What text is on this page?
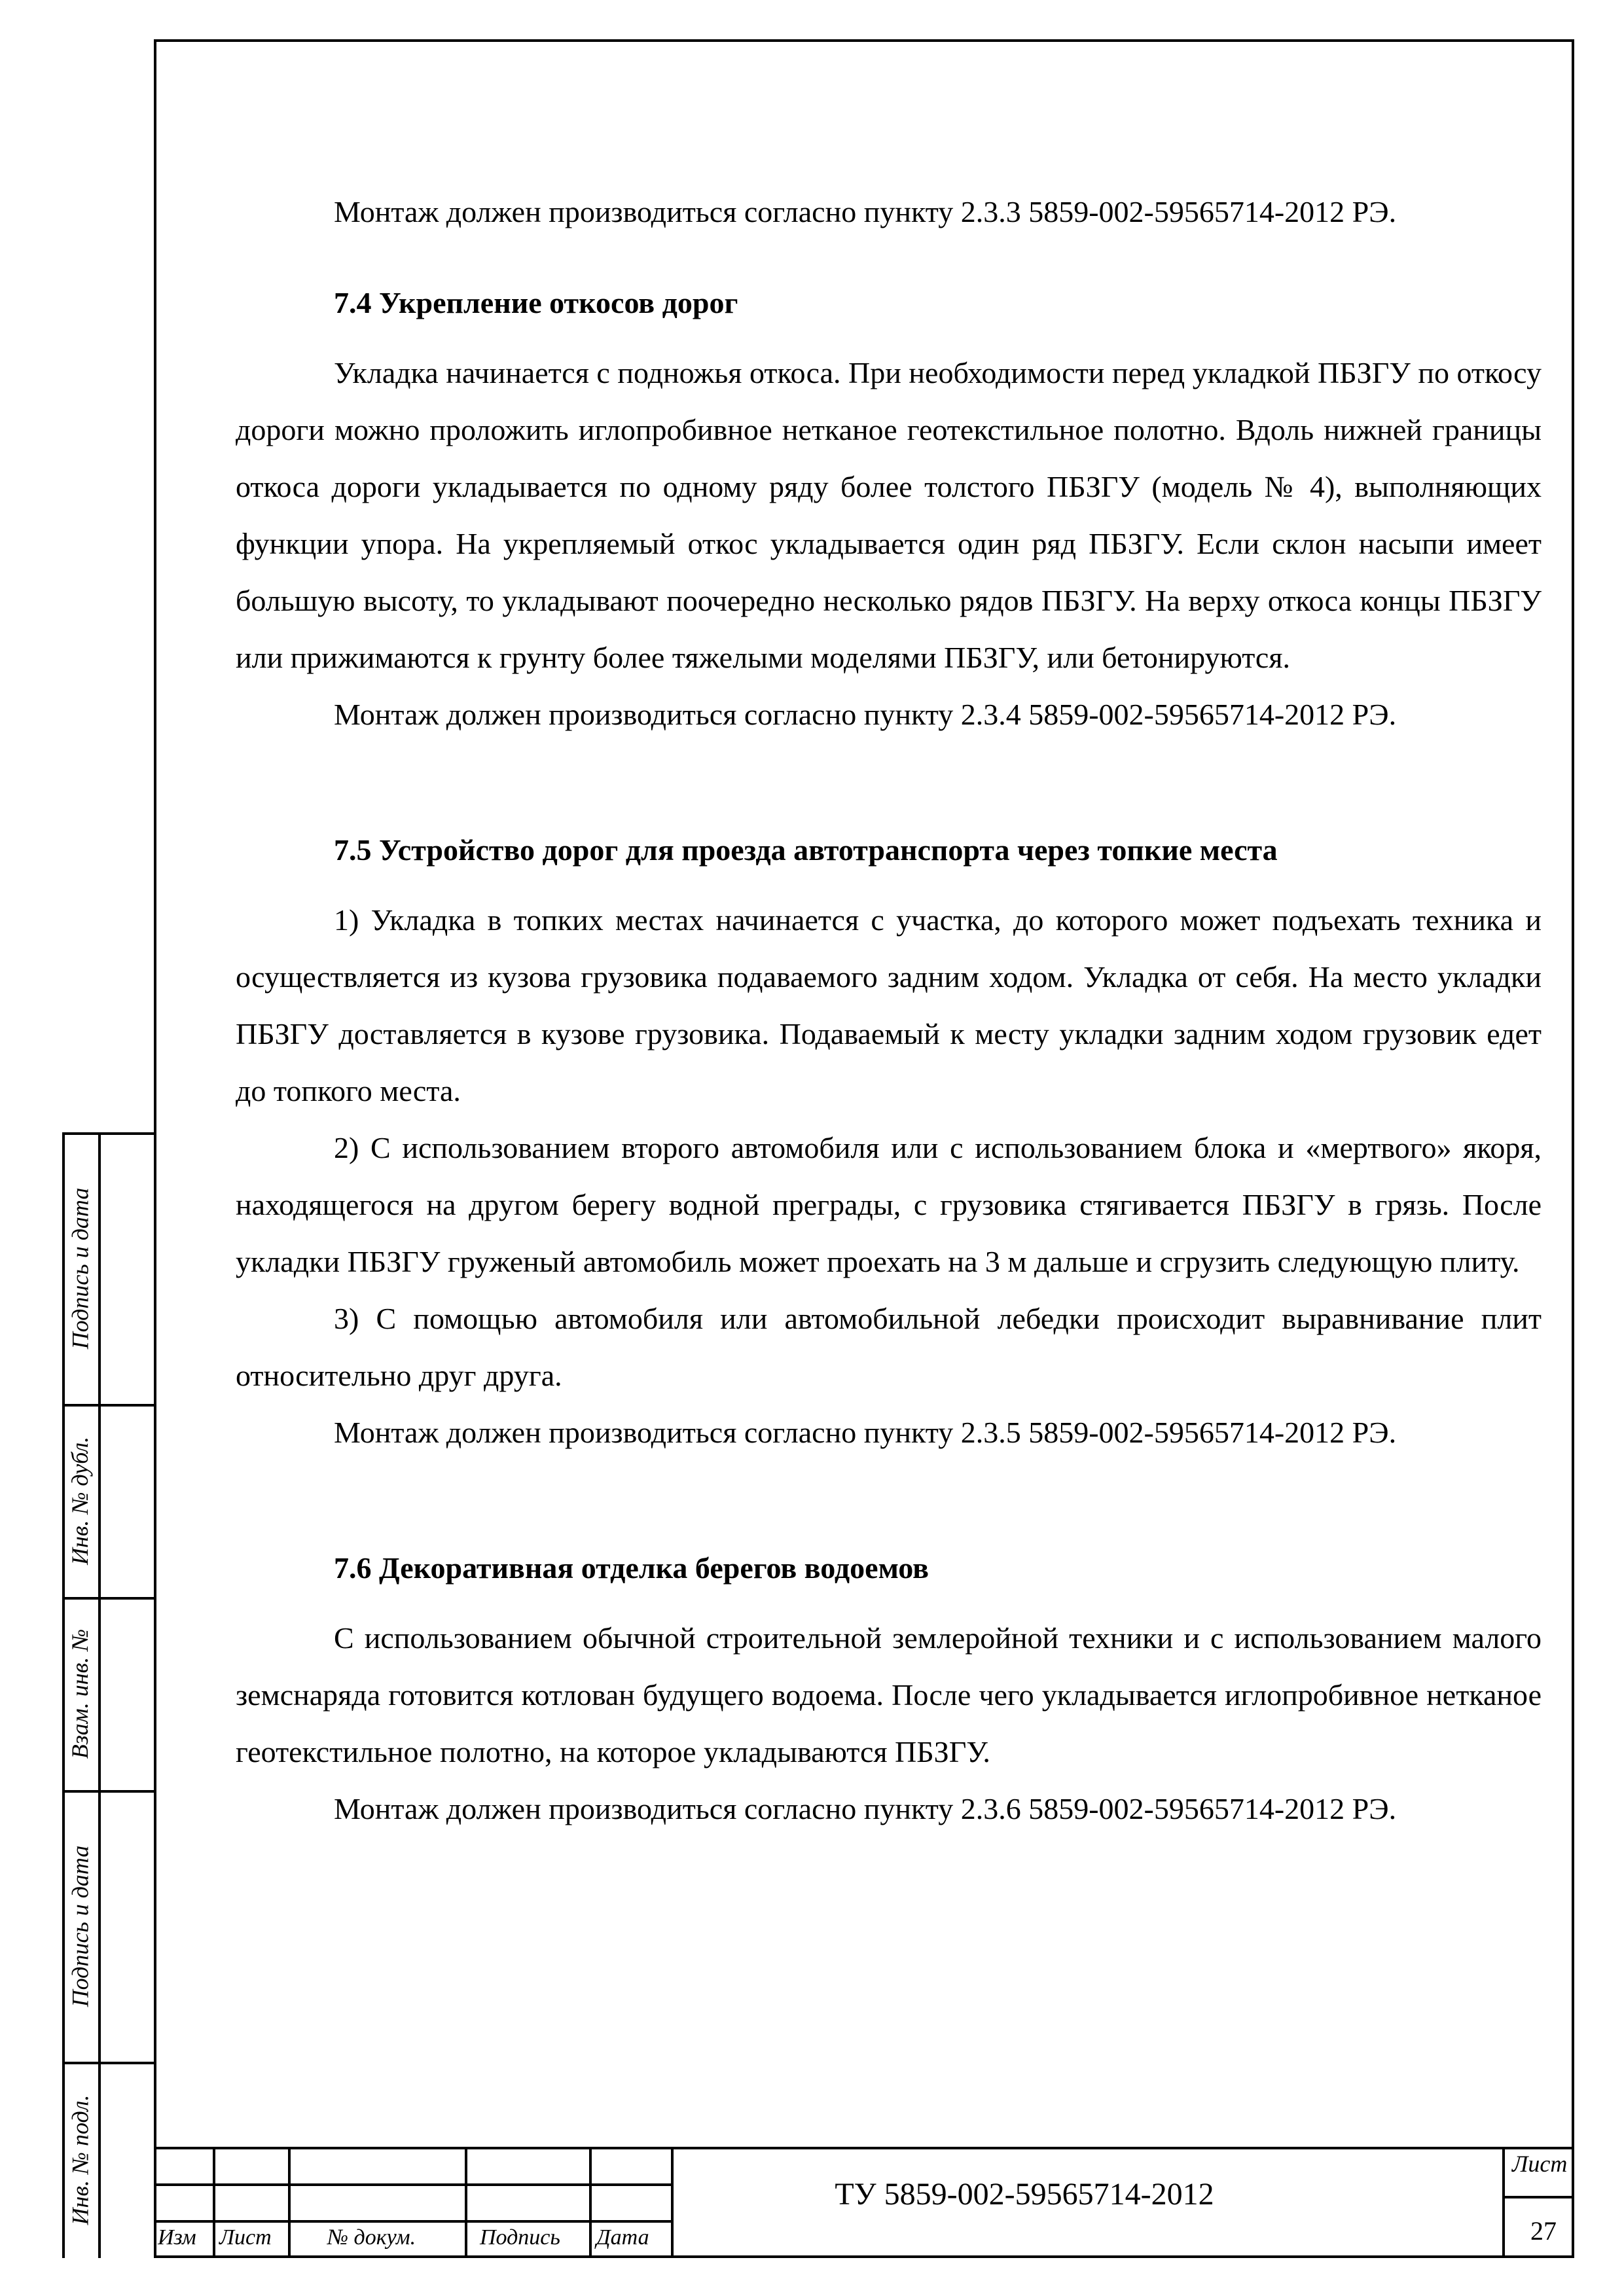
Монтаж должен производиться согласно пункту 2.3.3 5859-002-59565714-2012 РЭ.

7.4 Укрепление откосов дорог

Укладка начинается с подножья откоса. При необходимости перед укладкой ПБЗГУ по откосу дороги можно проложить иглопробивное нетканое геотекстильное полотно. Вдоль нижней границы откоса дороги укладывается по одному ряду более толстого ПБЗГУ (модель № 4), выполняющих функции упора. На укрепляемый откос укладывается один ряд ПБЗГУ. Если склон насыпи имеет большую высоту, то укладывают поочередно несколько рядов ПБЗГУ. На верху откоса концы ПБЗГУ или прижимаются к грунту более тяжелыми моделями ПБЗГУ, или бетонируются.

Монтаж должен производиться согласно пункту 2.3.4 5859-002-59565714-2012 РЭ.

7.5 Устройство дорог для проезда автотранспорта через топкие места

1) Укладка в топких местах начинается с участка, до которого может подъехать техника и осуществляется из кузова грузовика подаваемого задним ходом. Укладка от себя. На место укладки ПБЗГУ доставляется в кузове грузовика. Подаваемый к месту укладки задним ходом грузовик едет до топкого места.

2) С использованием второго автомобиля или с использованием блока и «мертвого» якоря, находящегося на другом берегу водной преграды, с грузовика стягивается ПБЗГУ в грязь. После укладки ПБЗГУ груженый автомобиль может проехать на 3 м дальше и сгрузить следующую плиту.

3) С помощью автомобиля или автомобильной лебедки происходит выравнивание плит относительно друг друга.

Монтаж должен производиться согласно пункту 2.3.5 5859-002-59565714-2012 РЭ.

7.6 Декоративная отделка берегов водоемов

С использованием обычной строительной землеройной техники и с использованием малого земснаряда готовится котлован будущего водоема. После чего укладывается иглопробивное нетканое геотекстильное полотно, на которое укладываются ПБЗГУ.

Монтаж должен производиться согласно пункту 2.3.6 5859-002-59565714-2012 РЭ.

Подпись и дата
Инв. № дубл.
Взам. инв. №
Подпись и дата
Инв. № подл.
Изм Лист	№ докум.	Подпись Дата
ТУ 5859-002-59565714-2012
Лист
27
